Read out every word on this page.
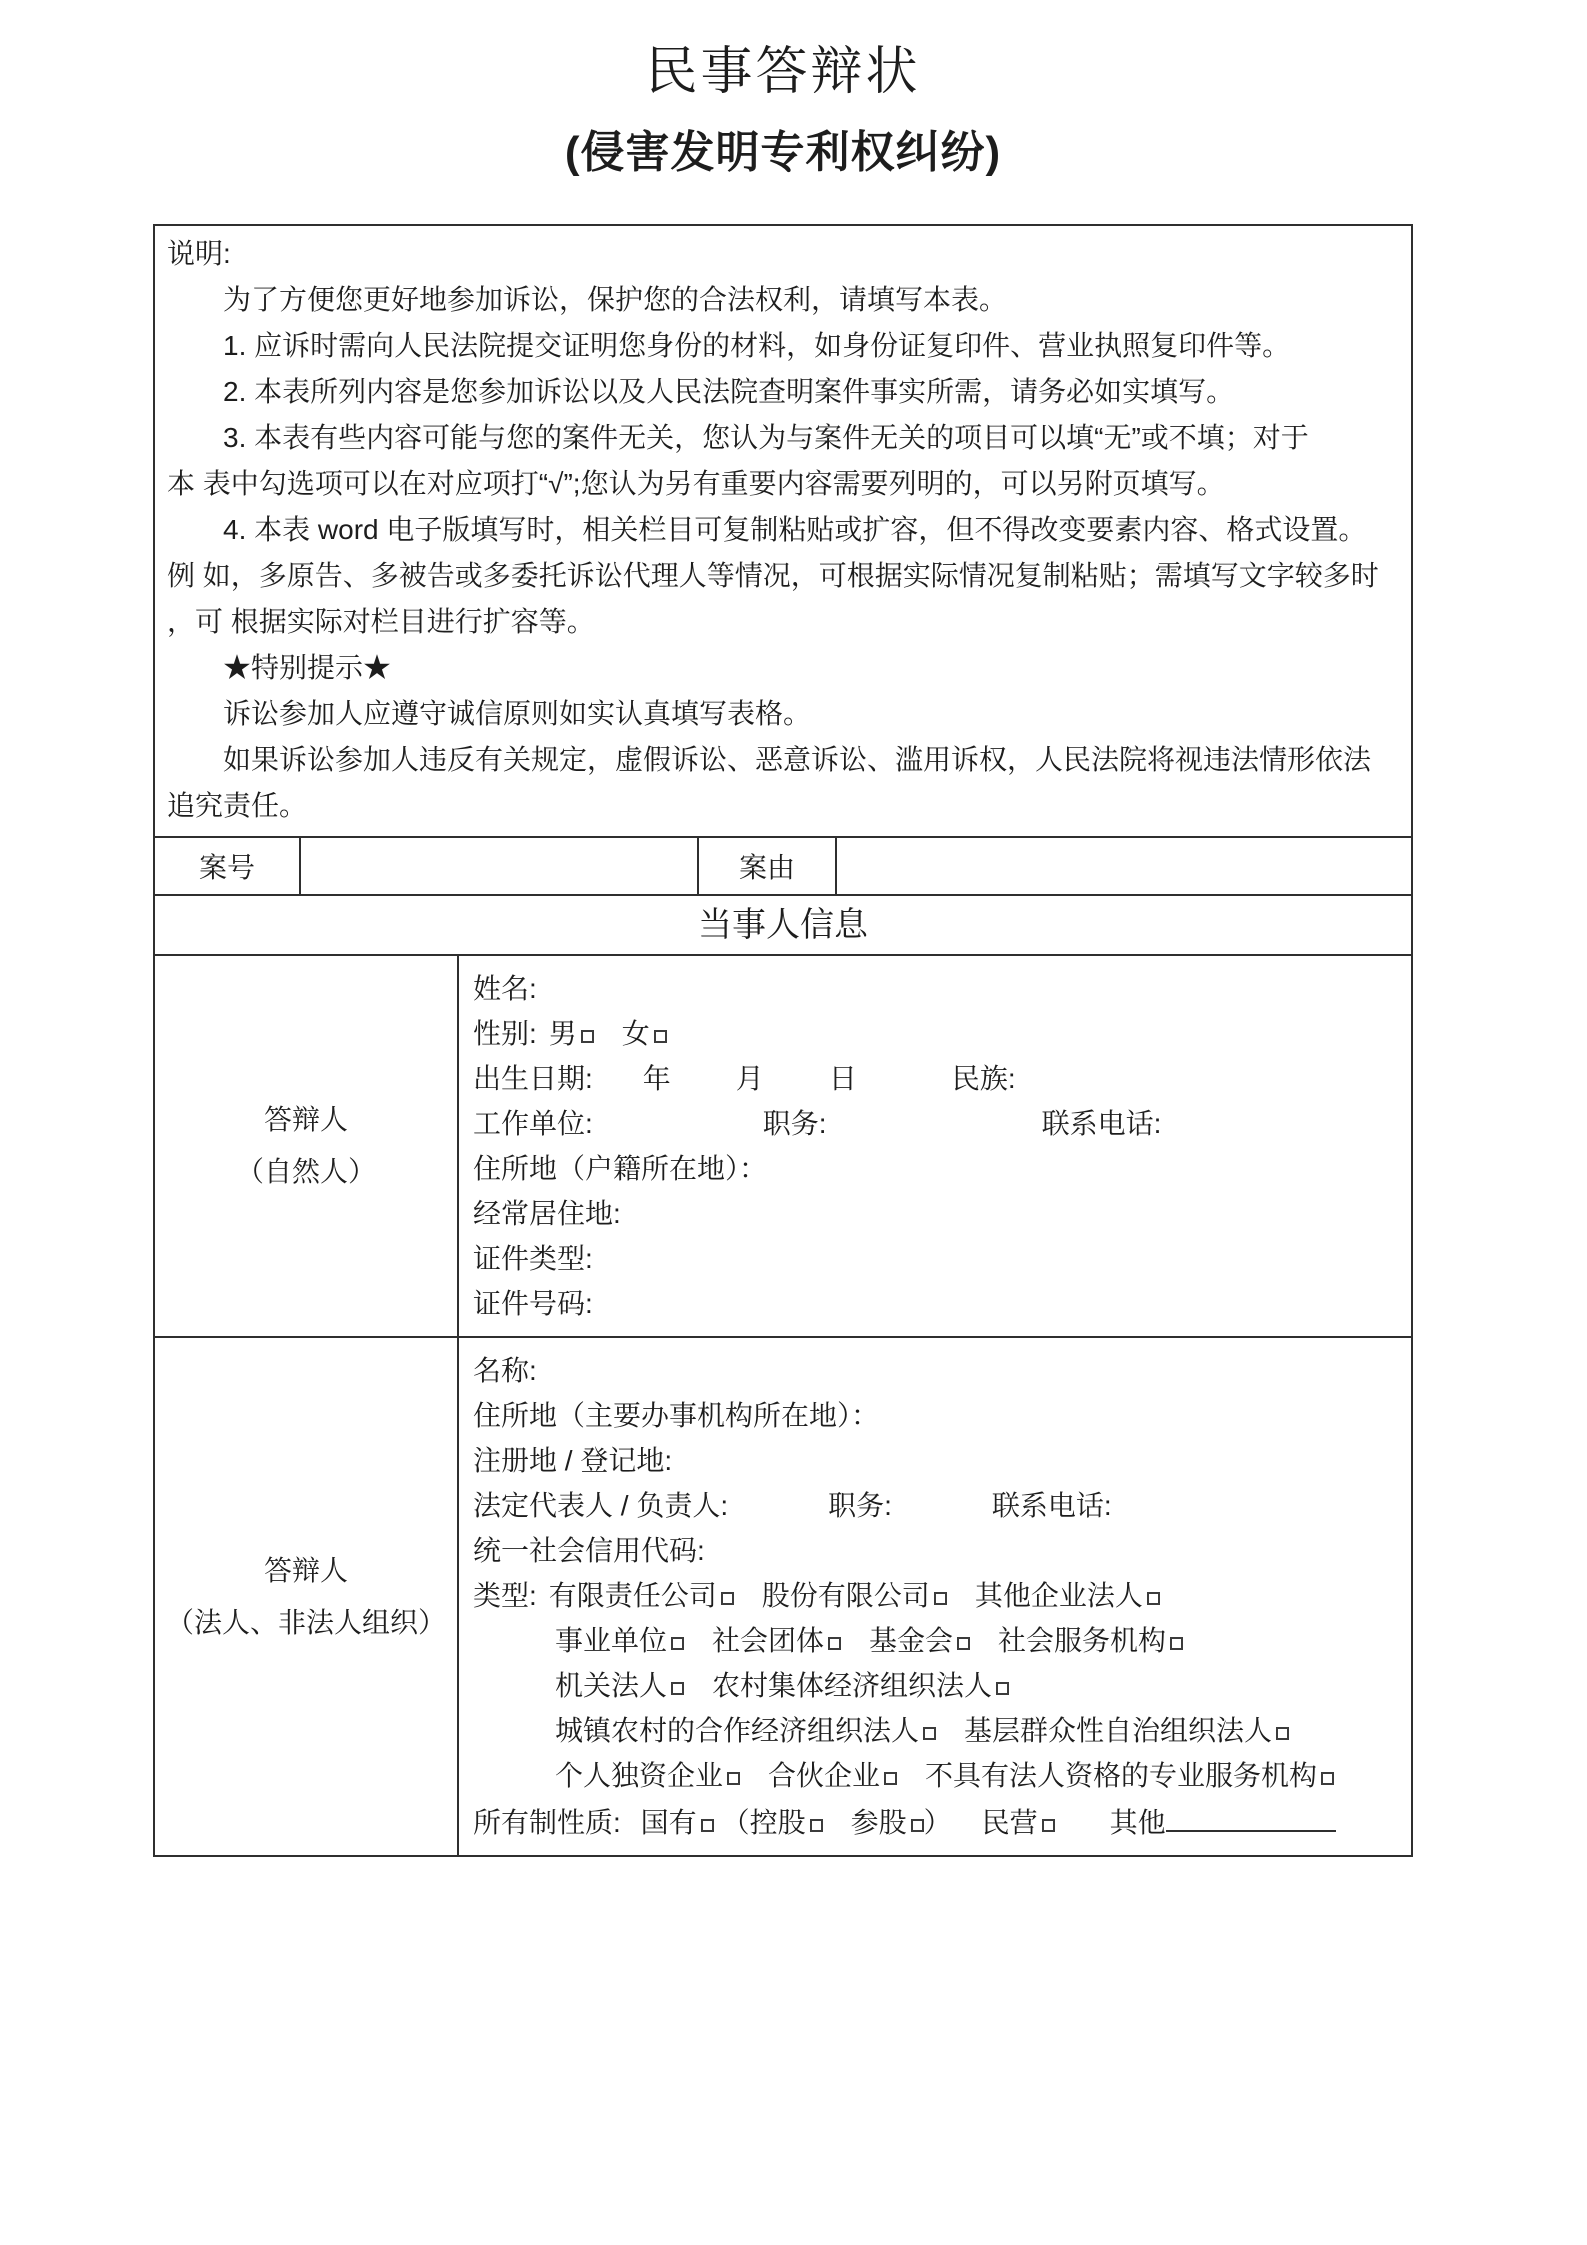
民事答辩状
(侵害发明专利权纠纷)
说明:
为了方便您更好地参加诉讼，保护您的合法权利，请填写本表。
1. 应诉时需向人民法院提交证明您身份的材料，如身份证复印件、营业执照复印件等。
2. 本表所列内容是您参加诉讼以及人民法院查明案件事实所需，请务必如实填写。
3. 本表有些内容可能与您的案件无关，您认为与案件无关的项目可以填“无”或不填；对于
本 表中勾选项可以在对应项打“√”;您认为另有重要内容需要列明的，可以另附页填写。
4. 本表 word 电子版填写时，相关栏目可复制粘贴或扩容，但不得改变要素内容、格式设置。
例 如，多原告、多被告或多委托诉讼代理人等情况，可根据实际情况复制粘贴；需填写文字较多时
，可 根据实际对栏目进行扩容等。
★特别提示★
诉讼参加人应遵守诚信原则如实认真填写表格。
如果诉讼参加人违反有关规定，虚假诉讼、恶意诉讼、滥用诉权，人民法院将视违法情形依法
追究责任。
案号	案由
当事人信息
答辩人
（自然人）
姓名:
性别: 男 女
出生日期: 年 月 日	民族:
工作单位:	职务:	联系电话:
住所地（户籍所在地）：
经常居住地:
证件类型:
证件号码:
答辩人
（法人、非法人组织）
名称:
住所地（主要办事机构所在地）：
注册地 / 登记地:
法定代表人 / 负责人:	职务:	联系电话:
统一社会信用代码:
类型: 有限责任公司 股份有限公司 其他企业法人
事业单位 社会团体 基金会 社会服务机构
机关法人 农村集体经济组织法人
城镇农村的合作经济组织法人 基层群众性自治组织法人
个人独资企业 合伙企业 不具有法人资格的专业服务机构
所有制性质: 国有 （控股 参股 ） 民营	其他
